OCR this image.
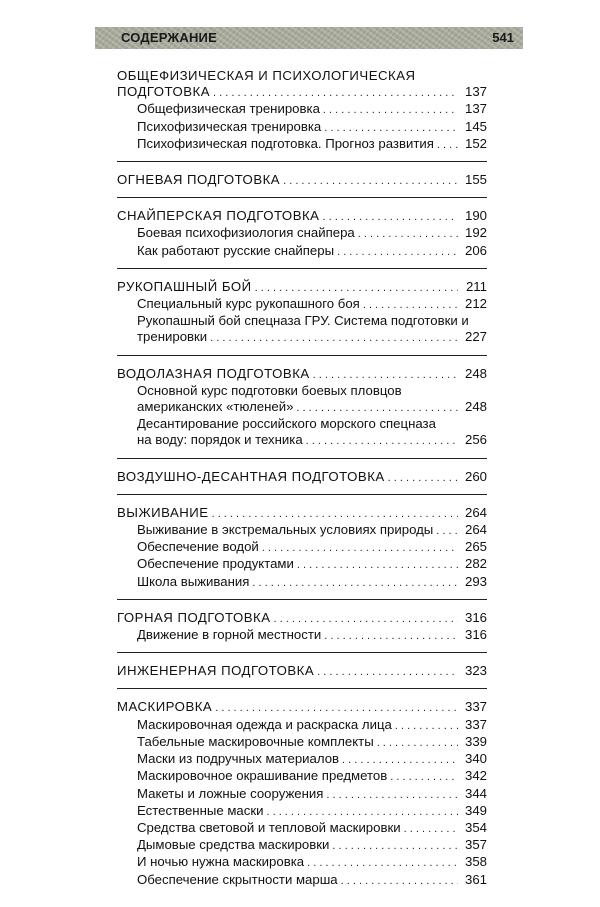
СОДЕРЖАНИЕ	541
ОБЩЕФИЗИЧЕСКАЯ И ПСИХОЛОГИЧЕСКАЯ
ПОДГОТОВКА . . .	137
Общефизическая тренировка . . .	137
Психофизическая тренировка . . .	145
Психофизическая подготовка. Прогноз развития . . .	152
ОГНЕВАЯ ПОДГОТОВКА . . .	155
СНАЙПЕРСКАЯ ПОДГОТОВКА . . .	190
Боевая психофизиология снайпера . . .	192
Как работают русские снайперы . . .	206
РУКОПАШНЫЙ БОЙ . . .	211
Специальный курс рукопашного боя . . .	212
Рукопашный бой спецназа ГРУ. Система подготовки и
тренировки . . .	227
ВОДОЛАЗНАЯ ПОДГОТОВКА . . .	248
Основной курс подготовки боевых пловцов
американских «тюленей» . . .	248
Десантирование российского морского спецназа
на воду: порядок и техника . . .	256
ВОЗДУШНО-ДЕСАНТНАЯ ПОДГОТОВКА . . .	260
ВЫЖИВАНИЕ . . .	264
Выживание в экстремальных условиях природы . . .	264
Обеспечение водой . . .	265
Обеспечение продуктами . . .	282
Школа выживания . . .	293
ГОРНАЯ ПОДГОТОВКА . . .	316
Движение в горной местности . . .	316
ИНЖЕНЕРНАЯ ПОДГОТОВКА . . .	323
МАСКИРОВКА . . .	337
Маскировочная одежда и раскраска лица . . .	337
Табельные маскировочные комплекты . . .	339
Маски из подручных материалов . . .	340
Маскировочное окрашивание предметов . . .	342
Макеты и ложные сооружения . . .	344
Естественные маски . . .	349
Средства световой и тепловой маскировки . . .	354
Дымовые средства маскировки . . .	357
И ночью нужна маскировка . . .	358
Обеспечение скрытности марша . . .	361
